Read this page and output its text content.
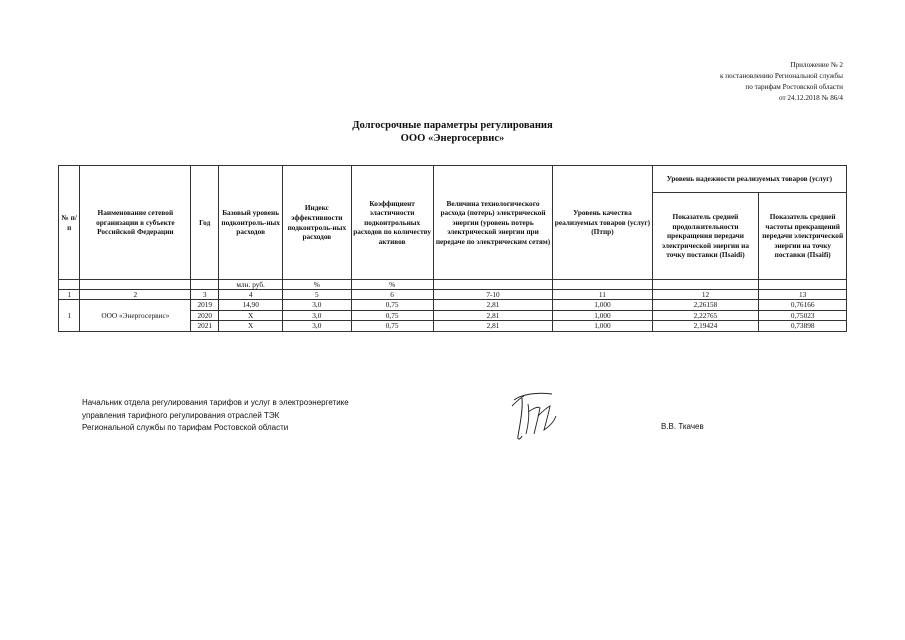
Приложение № 2
к постановлению Региональной службы
по тарифам Ростовской области
от 24.12.2018 № 86/4
Долгосрочные параметры регулирования
ООО «Энергосервис»
№ п/п	Наименование сетевой организации в субъекте Российской Федерации	Год	Базовый уровень подконтроль-ных расходов	Индекс эффективности подконтроль-ных расходов	Коэффициент эластичности подконтрольных расходов по количеству активов	Величина технологического расхода (потерь) электрической энергии (уровень потерь электрической энергии при передаче по электрическим сетям)	Уровень качества реализуемых товаров (услуг) (Птпр)	Уровень надежности реализуемых товаров (услуг)	
								Показатель средней продолжительности прекращения передачи электрической энергии на точку поставки (Пsaidi)	Показатель средней частоты прекращений передачи электрической энергии на точку поставки (Пsaifi)
			млн. руб.	%	%				
1	2	3	4	5	6	7-10	11	12	13
1	ООО «Энергосервис»	2019	14,90	3,0	0,75	2,81	1,000	2,26158	0,76166
		2020	X	3,0	0,75	2,81	1,000	2,22765	0,75023
		2021	X	3,0	0,75	2,81	1,000	2,19424	0,73898
Начальник отдела регулирования тарифов и услуг в электроэнергетике
управления тарифного регулирования отраслей ТЭК
Региональной службы по тарифам Ростовской области	В.В. Ткачев
